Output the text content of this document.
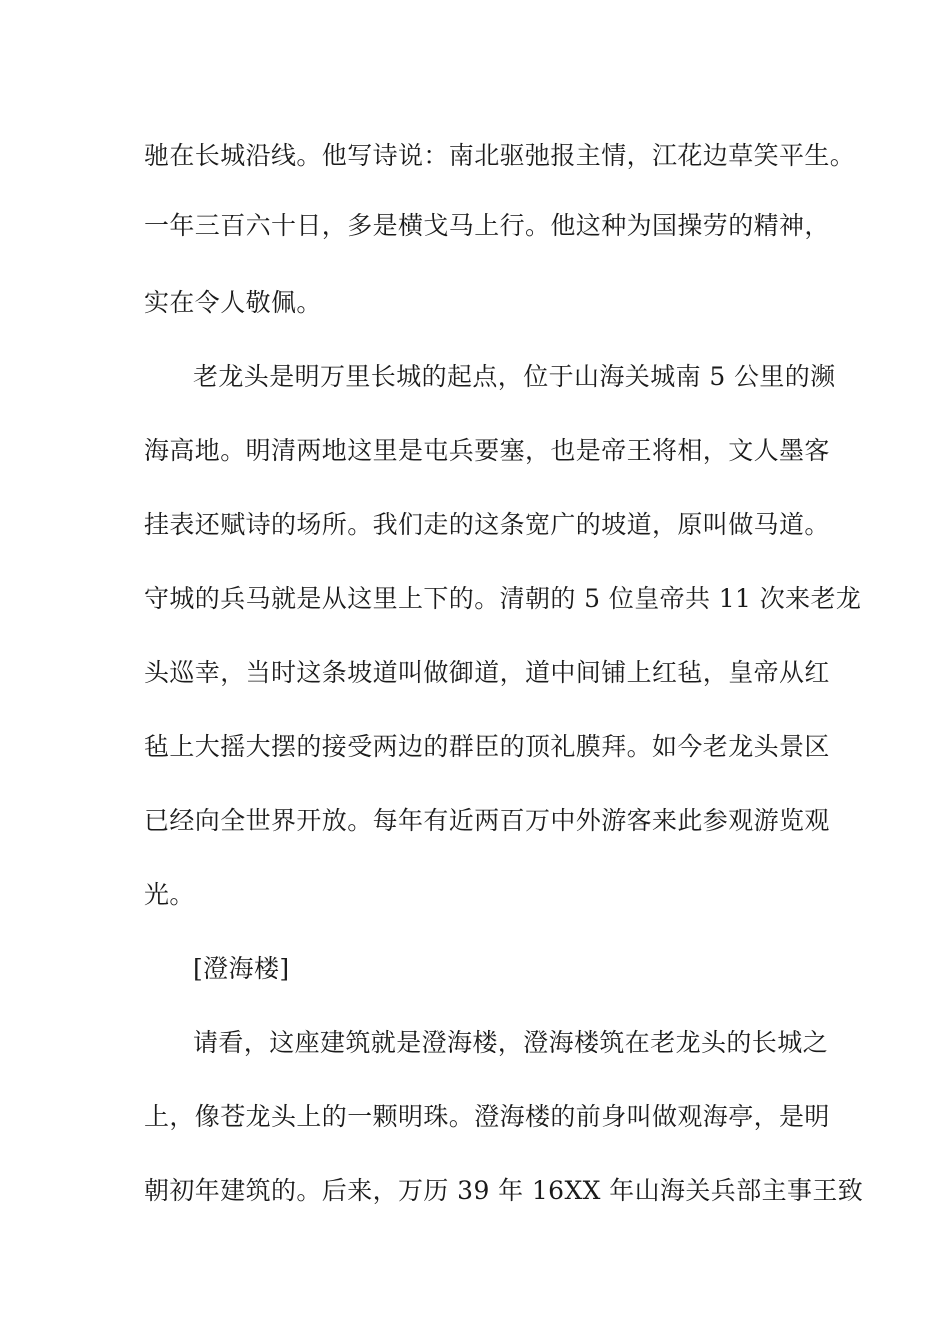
驰在长城沿线。他写诗说：南北驱弛报主情，江花边草笑平生。
一年三百六十日，多是横戈马上行。他这种为国操劳的精神，
实在令人敬佩。
老龙头是明万里长城的起点，位于山海关城南 5 公里的濒
海高地。明清两地这里是屯兵要塞，也是帝王将相，文人墨客
挂表还赋诗的场所。我们走的这条宽广的坡道，原叫做马道。
守城的兵马就是从这里上下的。清朝的 5 位皇帝共 11 次来老龙
头巡幸，当时这条坡道叫做御道，道中间铺上红毡，皇帝从红
毡上大摇大摆的接受两边的群臣的顶礼膜拜。如今老龙头景区
已经向全世界开放。每年有近两百万中外游客来此参观游览观
光。
[澄海楼]
请看，这座建筑就是澄海楼，澄海楼筑在老龙头的长城之
上，像苍龙头上的一颗明珠。澄海楼的前身叫做观海亭，是明
朝初年建筑的。后来，万历 39 年 16XX 年山海关兵部主事王致
